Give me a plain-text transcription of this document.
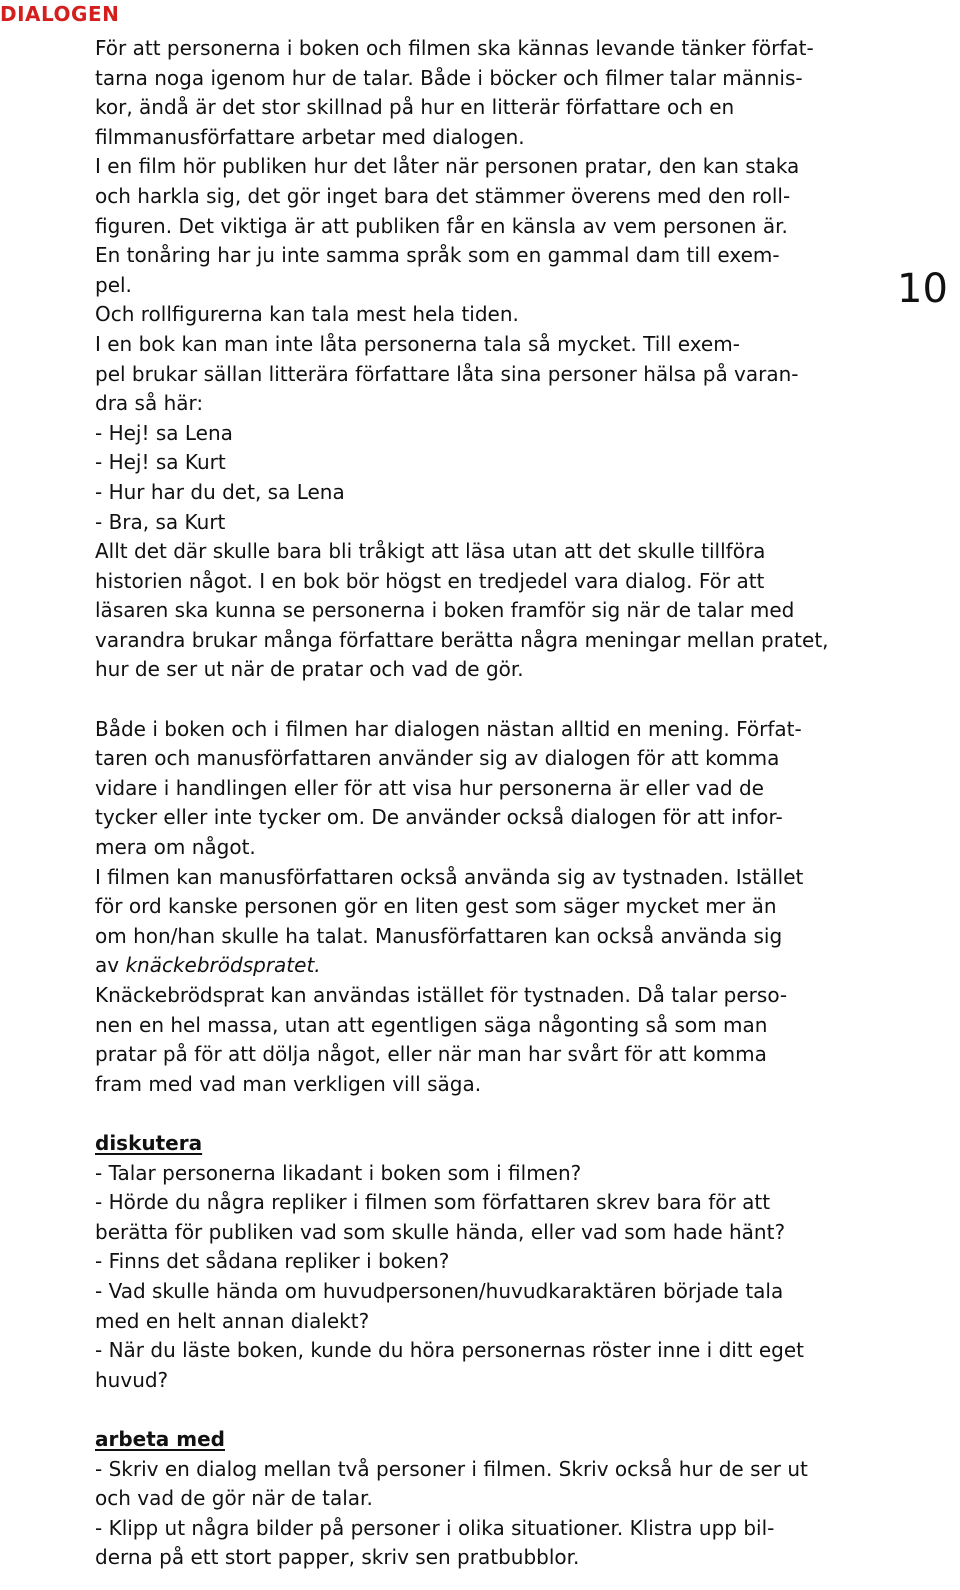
DIALOGEN
10
För att personerna i boken och filmen ska kännas levande tänker förfat-
tarna noga igenom hur de talar. Både i böcker och filmer talar männis-
kor, ändå är det stor skillnad på hur en litterär författare och en
filmmanusförfattare arbetar med dialogen.
I en film hör publiken hur det låter när personen pratar, den kan staka
och harkla sig, det gör inget bara det stämmer överens med den roll-
figuren. Det viktiga är att publiken får en känsla av vem personen är.
En tonåring har ju inte samma språk som en gammal dam till exem-
pel.
Och rollfigurerna kan tala mest hela tiden.
I en bok kan man inte låta personerna tala så mycket. Till exem-
pel brukar sällan litterära författare låta sina personer hälsa på varan-
dra så här:
- Hej! sa Lena
- Hej! sa Kurt
- Hur har du det, sa Lena
- Bra, sa Kurt
Allt det där skulle bara bli tråkigt att läsa utan att det skulle tillföra
historien något. I en bok bör högst en tredjedel vara dialog. För att
läsaren ska kunna se personerna i boken framför sig när de talar med
varandra brukar många författare berätta några meningar mellan pratet,
hur de ser ut när de pratar och vad de gör.
Både i boken och i filmen har dialogen nästan alltid en mening. Förfat-
taren och manusförfattaren använder sig av dialogen för att komma
vidare i handlingen eller för att visa hur personerna är eller vad de
tycker eller inte tycker om. De använder också dialogen för att infor-
mera om något.
I filmen kan manusförfattaren också använda sig av tystnaden. Istället
för ord kanske personen gör en liten gest som säger mycket mer än
om hon/han skulle ha talat. Manusförfattaren kan också använda sig
av knäckebrödspratet.
Knäckebrödsprat kan användas istället för tystnaden. Då talar perso-
nen en hel massa, utan att egentligen säga någonting så som man
pratar på för att dölja något, eller när man har svårt för att komma
fram med vad man verkligen vill säga.
diskutera
- Talar personerna likadant i boken som i filmen?
- Hörde du några repliker i filmen som författaren skrev bara för att
berätta för publiken vad som skulle hända, eller vad som hade hänt?
- Finns det sådana repliker i boken?
- Vad skulle hända om huvudpersonen/huvudkaraktären började tala
med en helt annan dialekt?
- När du läste boken, kunde du höra personernas röster inne i ditt eget
huvud?
arbeta med
- Skriv en dialog mellan två personer i filmen. Skriv också hur de ser ut
och vad de gör när de talar.
- Klipp ut några bilder på personer i olika situationer. Klistra upp bil-
derna på ett stort papper, skriv sen pratbubblor.
